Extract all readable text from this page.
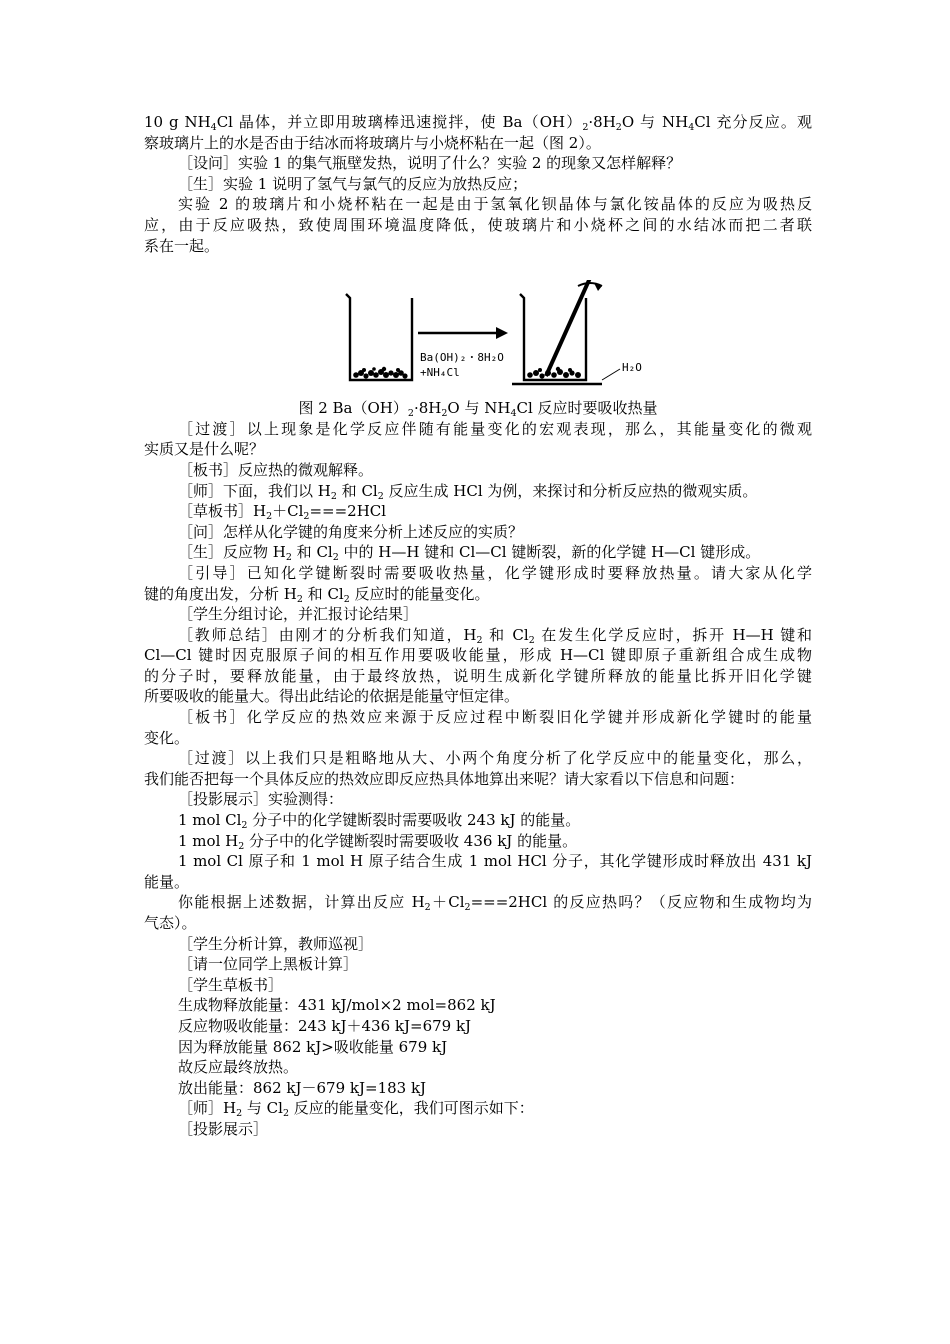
10 g $NH_4Cl$ 晶体，并立即用玻璃棒迅速搅拌，使 $Ba(OH)_2\cdot 8H_2O$ 与 $NH_4Cl$ 充分反应。观
察玻璃片上的水是否由于结冰而将玻璃片与小烧杯粘在一起（图 2）。
［设问］实验 1 的集气瓶壁发热，说明了什么？实验 2 的现象又怎样解释？
［生］实验 1 说明了氢气与氯气的反应为放热反应；
实验 2 的玻璃片和小烧杯粘在一起是由于氢氧化钡晶体与氯化铵晶体的反应为吸热反
应，由于反应吸热，致使周围环境温度降低，使玻璃片和小烧杯之间的水结冰而把二者联
系在一起。
Ba(OH)₂・8H₂O
+NH₄Cl	H₂O
图 2 $Ba(OH)_2\cdot 8H_2O$ 与 $NH_4Cl$ 反应时要吸收热量
［过渡］以上现象是化学反应伴随有能量变化的宏观表现，那么，其能量变化的微观
实质又是什么呢？
［板书］反应热的微观解释。
［师］下面，我们以 $H_2$ 和 $Cl_2$ 反应生成 HCl 为例，来探讨和分析反应热的微观实质。
［草板书$]H_2+Cl_2===2HCl$
［问］怎样从化学键的角度来分析上述反应的实质？
［生］反应物 $H_2$ 和 $Cl_2$ 中的 H—H 键和 Cl—Cl 键断裂，新的化学键 H—Cl 键形成。
［引导］已知化学键断裂时需要吸收热量，化学键形成时要释放热量。请大家从化学
键的角度出发，分析 $H_2$ 和 $Cl_2$ 反应时的能量变化。
［学生分组讨论，并汇报讨论结果］
［教师总结］由刚才的分析我们知道，$H_2$ 和 $Cl_2$ 在发生化学反应时，拆开 H—H 键和
Cl—Cl 键时因克服原子间的相互作用要吸收能量，形成 H—Cl 键即原子重新组合成生成物
的分子时，要释放能量，由于最终放热，说明生成新化学键所释放的能量比拆开旧化学键
所要吸收的能量大。得出此结论的依据是能量守恒定律。
［板书］化学反应的热效应来源于反应过程中断裂旧化学键并形成新化学键时的能量
变化。
［过渡］以上我们只是粗略地从大、小两个角度分析了化学反应中的能量变化，那么，
我们能否把每一个具体反应的热效应即反应热具体地算出来呢？请大家看以下信息和问题：
［投影展示］实验测得：
1 mol $Cl_2$ 分子中的化学键断裂时需要吸收 243 kJ 的能量。
1 mol $H_2$ 分子中的化学键断裂时需要吸收 436 kJ 的能量。
1 mol Cl 原子和 1 mol H 原子结合生成 1 mol HCl 分子，其化学键形成时释放出 431 kJ
能量。
你能根据上述数据，计算出反应 $H_2+Cl_2===2HCl$ 的反应热吗？（反应物和生成物均为
气态）。
［学生分析计算，教师巡视］
［请一位同学上黑板计算］
［学生草板书］
生成物释放能量：431 kJ/mol×2 mol=862 kJ
反应物吸收能量：243 kJ＋436 kJ=679 kJ
因为释放能量 862 kJ>吸收能量 679 kJ
故反应最终放热。
放出能量：862 kJ－679 kJ=183 kJ
［师$]H_2$ 与 $Cl_2$ 反应的能量变化，我们可图示如下：
［投影展示］
